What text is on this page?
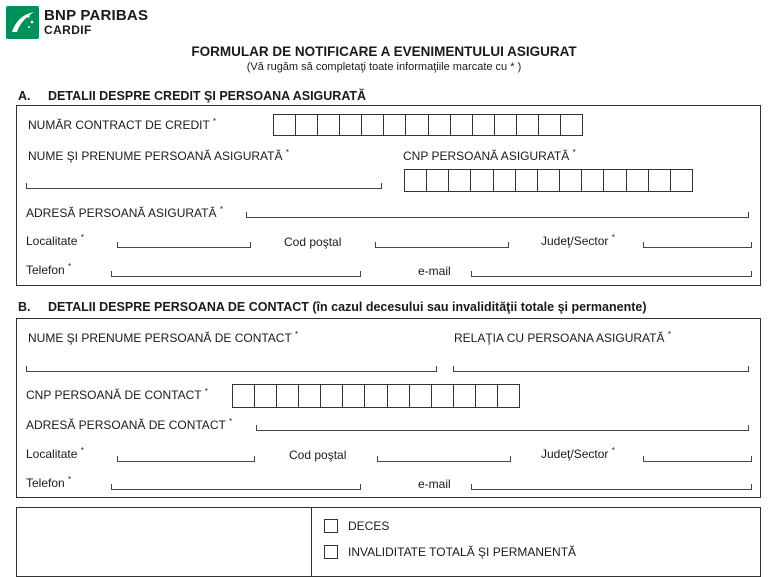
BNP PARIBAS
CARDIF
FORMULAR DE NOTIFICARE A EVENIMENTULUI ASIGURAT
(Vă rugăm să completaţi toate informaţiile marcate cu * )
A. DETALII DESPRE CREDIT ŞI PERSOANA ASIGURATĂ
NUMĂR CONTRACT DE CREDIT *
NUME ŞI PRENUME PERSOANĂ ASIGURATĂ *	CNP PERSOANĂ ASIGURATĂ *
ADRESĂ PERSOANĂ ASIGURATĂ *
Localitate *	Cod poştal	Judeţ/Sector *
Telefon *	e-mail
B. DETALII DESPRE PERSOANA DE CONTACT (în cazul decesului sau invalidităţii totale şi permanente)
NUME ŞI PRENUME PERSOANĂ DE CONTACT *	RELAŢIA CU PERSOANA ASIGURATĂ *
CNP PERSOANĂ DE CONTACT *
ADRESĂ PERSOANĂ DE CONTACT *
Localitate *	Cod poştal	Judeţ/Sector *
Telefon *	e-mail
DECES
INVALIDITATE TOTALĂ ŞI PERMANENTĂ
